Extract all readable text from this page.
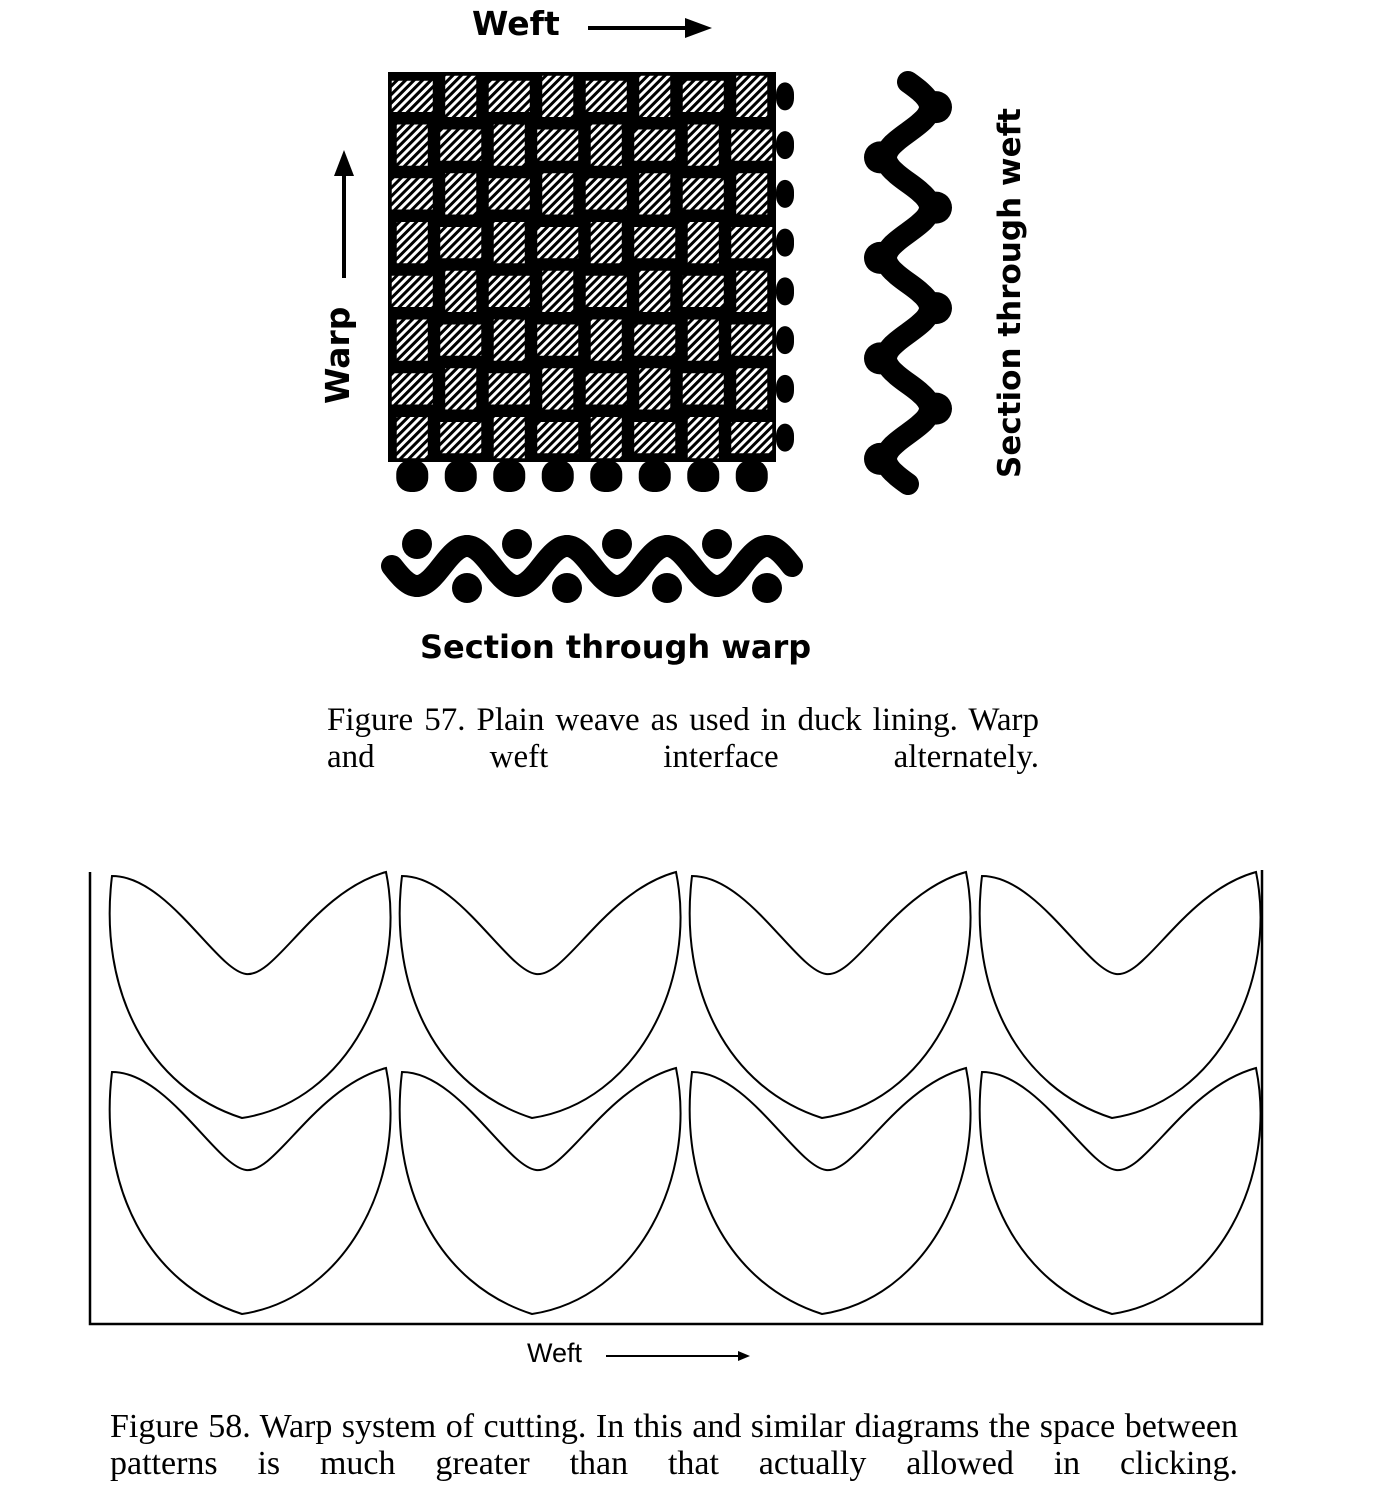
Weft
Warp	Section through weft
Section through warp
Figure 57. Plain weave as used in duck lining. Warp and weft interface alternately.
Weft
Figure 58. Warp system of cutting. In this and similar diagrams the space between patterns is much greater than that actually allowed in clicking.
